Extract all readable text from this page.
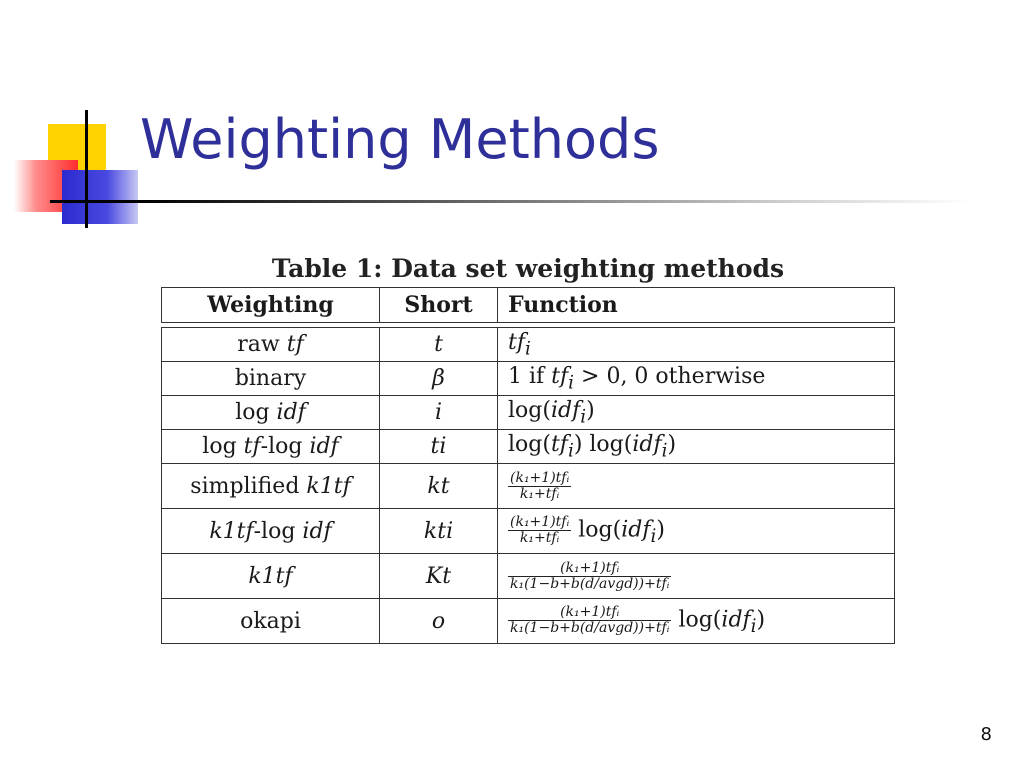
Weighting Methods
Table 1: Data set weighting methods
Weighting	Short	Function

raw tf	t	$tf_i$
binary	β	1 if $tf_i > 0$, 0 otherwise
log idf	i	log(idf$_i$)
log tf-log idf	ti	$\log(tf_i)$ log(idf$_i$)
simplified k1tf	kt	$\frac{\text{(k₁+1)tfᵢ}}{\text{k₁+tfᵢ}}$

k1tf-log idf	kti	$\frac{\text{(k₁+1)tfᵢ}}{\text{k₁+tfᵢ}} \log(idf_i)$
k1tf	Kt	$\frac{\text{(k₁+1)tfᵢ}}{\text{k₁(1−b+b(d/avgd))+tfᵢ}}$

okapi	o	$\frac{\text{(k₁+1)tfᵢ}}{\text{k₁(1−b+b(d/avgd))+tfᵢ}} \log(idf_i)$
8
